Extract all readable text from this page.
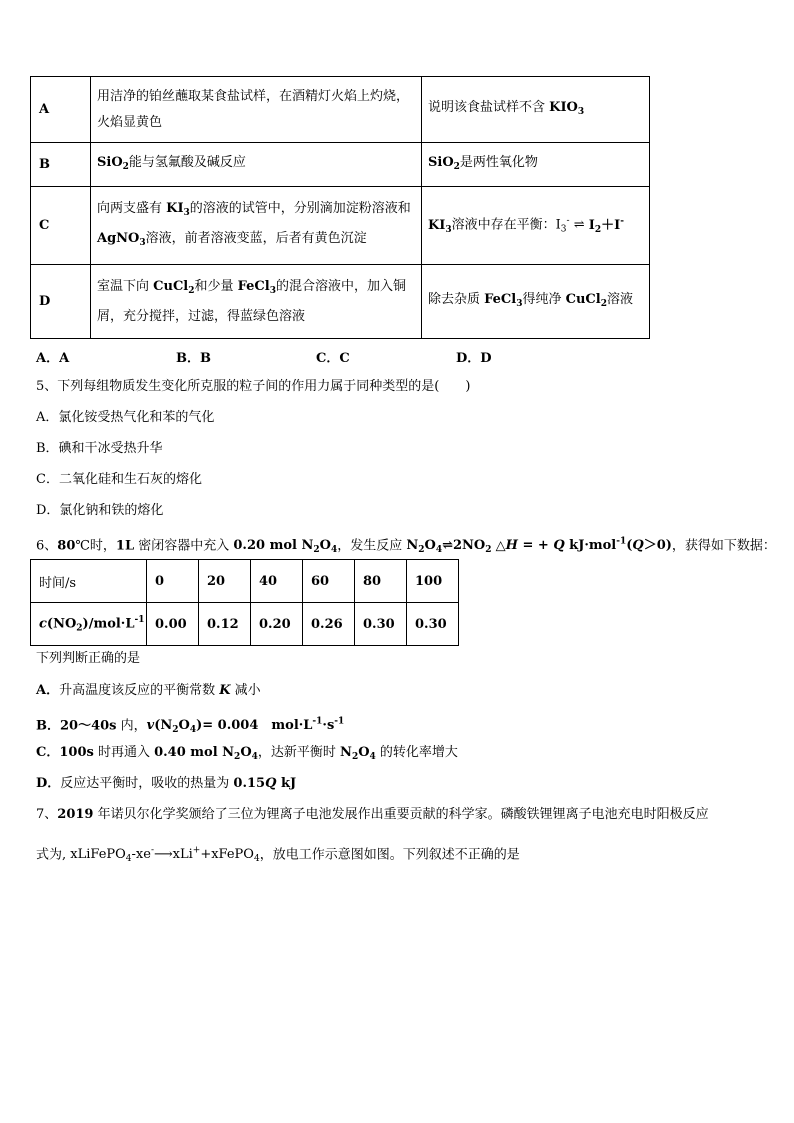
A	用洁净的铂丝蘸取某食盐试样，在酒精灯火焰上灼烧，火焰显黄色	说明该食盐试样不含 $KIO_3$
B	SiO$_2$能与氢氟酸及碱反应	SiO$_2$是两性氧化物
C	向两支盛有 $KI_3$的溶液的试管中，分别滴加淀粉溶液和 AgNO$_3$溶液，前者溶液变蓝，后者有黄色沉淀	$KI_3$溶液中存在平衡：$I_3^-$ ⇌ $I_2+I^-$
D	室温下向 CuCl$_2$和少量 FeCl$_3$的混合溶液中，加入铜屑，充分搅拌，过滤，得蓝绿色溶液	除去杂质 FeCl$_3$得纯净 CuCl$_2$溶液
A．A	B．B	C．C	D．D
5、下列每组物质发生变化所克服的粒子间的作用力属于同种类型的是(　　)
A．氯化铵受热气化和苯的气化
B．碘和干冰受热升华
C．二氧化硅和生石灰的熔化
D．氯化钠和铁的熔化
6、80℃时，1L 密闭容器中充入 0.20 mol $N_2O_4$，发生反应 $N_2O_4\rightleftharpoons 2NO_2$ △H = + Q kJ·mol$^{-1}$(Q＞0)，获得如下数据：
时间/s	0	20	40	60	80	100
$c(NO_2)/mol\cdot L^{-1}$	0.00	0.12	0.20	0.26	0.30	0.30
下列判断正确的是
A．升高温度该反应的平衡常数 K 减小
B．20～40s 内，$v(N_2O_4)= 0.004$　$mol\cdot L^{-1}\cdot s^{-1}$
C．100s 时再通入 0.40 mol $N_2O_4$，达新平衡时 $N_2O_4$ 的转化率增大
D．反应达平衡时，吸收的热量为 0.15Q kJ
7、2019 年诺贝尔化学奖颁给了三位为锂离子电池发展作出重要贡献的科学家。磷酸铁锂锂离子电池充电时阳极反应
式为, xLiFePO$_4$-xe-⟶xLi++xFePO$_4$，放电工作示意图如图。下列叙述不正确的是
